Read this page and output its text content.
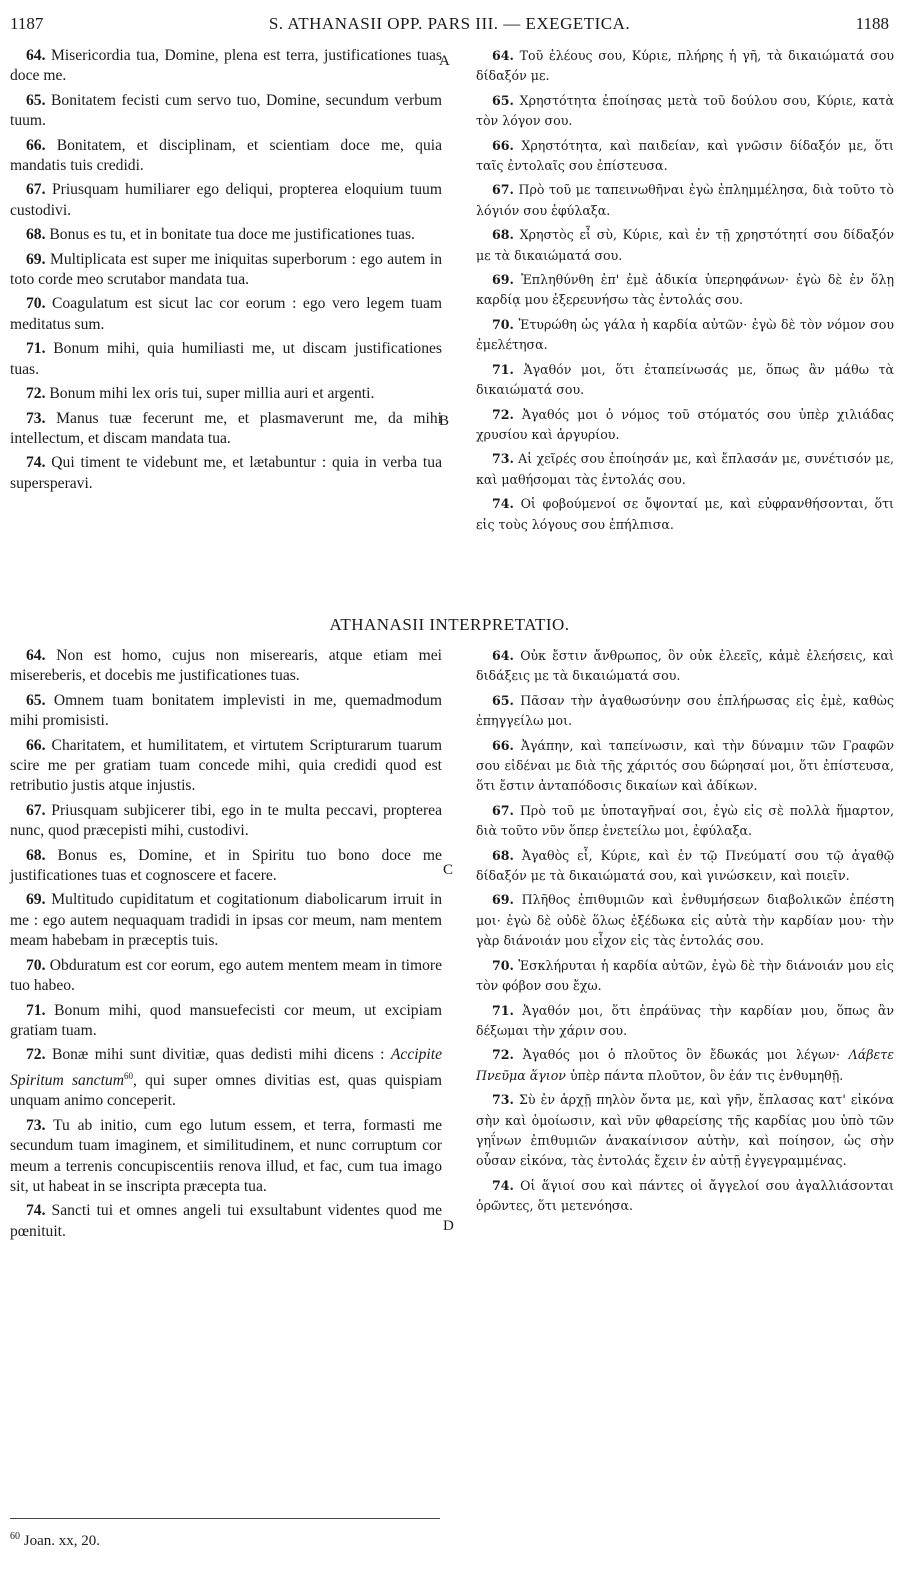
1187	S. ATHANASII OPP. PARS III. — EXEGETICA.	1188

64. Misericordia tua, Domine, plena est terra, justificationes tuas doce me.

65. Bonitatem fecisti cum servo tuo, Domine, secundum verbum tuum.

66. Bonitatem, et disciplinam, et scientiam doce me, quia mandatis tuis credidi.

67. Priusquam humiliarer ego deliqui, propterea eloquium tuum custodivi.

68. Bonus es tu, et in bonitate tua doce me justificationes tuas.

69. Multiplicata est super me iniquitas superborum : ego autem in toto corde meo scrutabor mandata tua.

70. Coagulatum est sicut lac cor eorum : ego vero legem tuam meditatus sum.

71. Bonum mihi, quia humiliasti me, ut discam justificationes tuas.

72. Bonum mihi lex oris tui, super millia auri et argenti.

73. Manus tuæ fecerunt me, et plasmaverunt me, da mihi intellectum, et discam mandata tua.

74. Qui timent te videbunt me, et lætabuntur : quia in verba tua supersperavi.

64. Τοῦ ἐλέους σου, Κύριε, πλήρης ἡ γῆ, τὰ δικαιώματά σου δίδαξόν με.

65. Χρηστότητα ἐποίησας μετὰ τοῦ δούλου σου, Κύριε, κατὰ τὸν λόγον σου.

66. Χρηστότητα, καὶ παιδείαν, καὶ γνῶσιν δίδαξόν με, ὅτι ταῖς ἐντολαῖς σου ἐπίστευσα.

67. Πρὸ τοῦ με ταπεινωθῆναι ἐγὼ ἐπλημμέλησα, διὰ τοῦτο τὸ λόγιόν σου ἐφύλαξα.

68. Χρηστὸς εἶ σὺ, Κύριε, καὶ ἐν τῇ χρηστότητί σου δίδαξόν με τὰ δικαιώματά σου.

69. Ἐπληθύνθη ἐπ' ἐμὲ ἀδικία ὑπερηφάνων· ἐγὼ δὲ ἐν ὅλῃ καρδίᾳ μου ἐξερευνήσω τὰς ἐντολάς σου.

70. Ἐτυρώθη ὡς γάλα ἡ καρδία αὐτῶν· ἐγὼ δὲ τὸν νόμον σου ἐμελέτησα.

71. Ἀγαθόν μοι, ὅτι ἐταπείνωσάς με, ὅπως ἂν μάθω τὰ δικαιώματά σου.

72. Ἀγαθός μοι ὁ νόμος τοῦ στόματός σου ὑπὲρ χιλιάδας χρυσίου καὶ ἀργυρίου.

73. Αἱ χεῖρές σου ἐποίησάν με, καὶ ἔπλασάν με, συνέτισόν με, καὶ μαθήσομαι τὰς ἐντολάς σου.

74. Οἱ φοβούμενοί σε ὄψονταί με, καὶ εὐφρανθήσονται, ὅτι εἰς τοὺς λόγους σου ἐπήλπισα.

A
B
ATHANASII INTERPRETATIO.

64. Non est homo, cujus non miserearis, atque etiam mei misereberis, et docebis me justificationes tuas.

65. Omnem tuam bonitatem implevisti in me, quemadmodum mihi promisisti.

66. Charitatem, et humilitatem, et virtutem Scripturarum tuarum scire me per gratiam tuam concede mihi, quia credidi quod est retributio justis atque injustis.

67. Priusquam subjicerer tibi, ego in te multa peccavi, propterea nunc, quod præcepisti mihi, custodivi.

68. Bonus es, Domine, et in Spiritu tuo bono doce me justificationes tuas et cognoscere et facere.

69. Multitudo cupiditatum et cogitationum diabolicarum irruit in me : ego autem nequaquam tradidi in ipsas cor meum, nam mentem meam habebam in præceptis tuis.

70. Obduratum est cor eorum, ego autem mentem meam in timore tuo habeo.

71. Bonum mihi, quod mansuefecisti cor meum, ut excipiam gratiam tuam.

72. Bonæ mihi sunt divitiæ, quas dedisti mihi dicens : Accipite Spiritum sanctum$^{60}$, qui super omnes divitias est, quas quispiam unquam animo conceperit.

73. Tu ab initio, cum ego lutum essem, et terra, formasti me secundum tuam imaginem, et similitudinem, et nunc corruptum cor meum a terrenis concupiscentiis renova illud, et fac, cum tua imago sit, ut habeat in se inscripta præcepta tua.

74. Sancti tui et omnes angeli tui exsultabunt videntes quod me pœnituit.

64. Οὐκ ἔστιν ἄνθρωπος, ὃν οὐκ ἐλεεῖς, κἀμὲ ἐλεήσεις, καὶ διδάξεις με τὰ δικαιώματά σου.

65. Πᾶσαν τὴν ἀγαθωσύνην σου ἐπλήρωσας εἰς ἐμὲ, καθὼς ἐπηγγείλω μοι.

66. Ἀγάπην, καὶ ταπείνωσιν, καὶ τὴν δύναμιν τῶν Γραφῶν σου εἰδέναι με διὰ τῆς χάριτός σου δώρησαί μοι, ὅτι ἐπίστευσα, ὅτι ἔστιν ἀνταπόδοσις δικαίων καὶ ἀδίκων.

67. Πρὸ τοῦ με ὑποταγῆναί σοι, ἐγὼ εἰς σὲ πολλὰ ἥμαρτον, διὰ τοῦτο νῦν ὅπερ ἐνετείλω μοι, ἐφύλαξα.

68. Ἀγαθὸς εἶ, Κύριε, καὶ ἐν τῷ Πνεύματί σου τῷ ἀγαθῷ δίδαξόν με τὰ δικαιώματά σου, καὶ γινώσκειν, καὶ ποιεῖν.

69. Πλῆθος ἐπιθυμιῶν καὶ ἐνθυμήσεων διαβολικῶν ἐπέστη μοι· ἐγὼ δὲ οὐδὲ ὅλως ἐξέδωκα εἰς αὐτὰ τὴν καρδίαν μου· τὴν γὰρ διάνοιάν μου εἶχον εἰς τὰς ἐντολάς σου.

70. Ἐσκλήρυται ἡ καρδία αὐτῶν, ἐγὼ δὲ τὴν διάνοιάν μου εἰς τὸν φόβον σου ἔχω.

71. Ἀγαθόν μοι, ὅτι ἐπράϋνας τὴν καρδίαν μου, ὅπως ἂν δέξωμαι τὴν χάριν σου.

72. Ἀγαθός μοι ὁ πλοῦτος ὃν ἔδωκάς μοι λέγων· Λάβετε Πνεῦμα ἅγιον ὑπὲρ πάντα πλοῦτον, ὃν ἐάν τις ἐνθυμηθῇ.

73. Σὺ ἐν ἀρχῇ πηλὸν ὄντα με, καὶ γῆν, ἔπλασας κατ' εἰκόνα σὴν καὶ ὁμοίωσιν, καὶ νῦν φθαρείσης τῆς καρδίας μου ὑπὸ τῶν γηΐνων ἐπιθυμιῶν ἀνακαίνισον αὐτὴν, καὶ ποίησον, ὡς σὴν οὖσαν εἰκόνα, τὰς ἐντολάς ἔχειν ἐν αὐτῇ ἐγγεγραμμένας.

74. Οἱ ἅγιοί σου καὶ πάντες οἱ ἄγγελοί σου ἀγαλλιάσονται ὁρῶντες, ὅτι μετενόησα.

C
D
$^{60}$ Joan. xx, 20.
